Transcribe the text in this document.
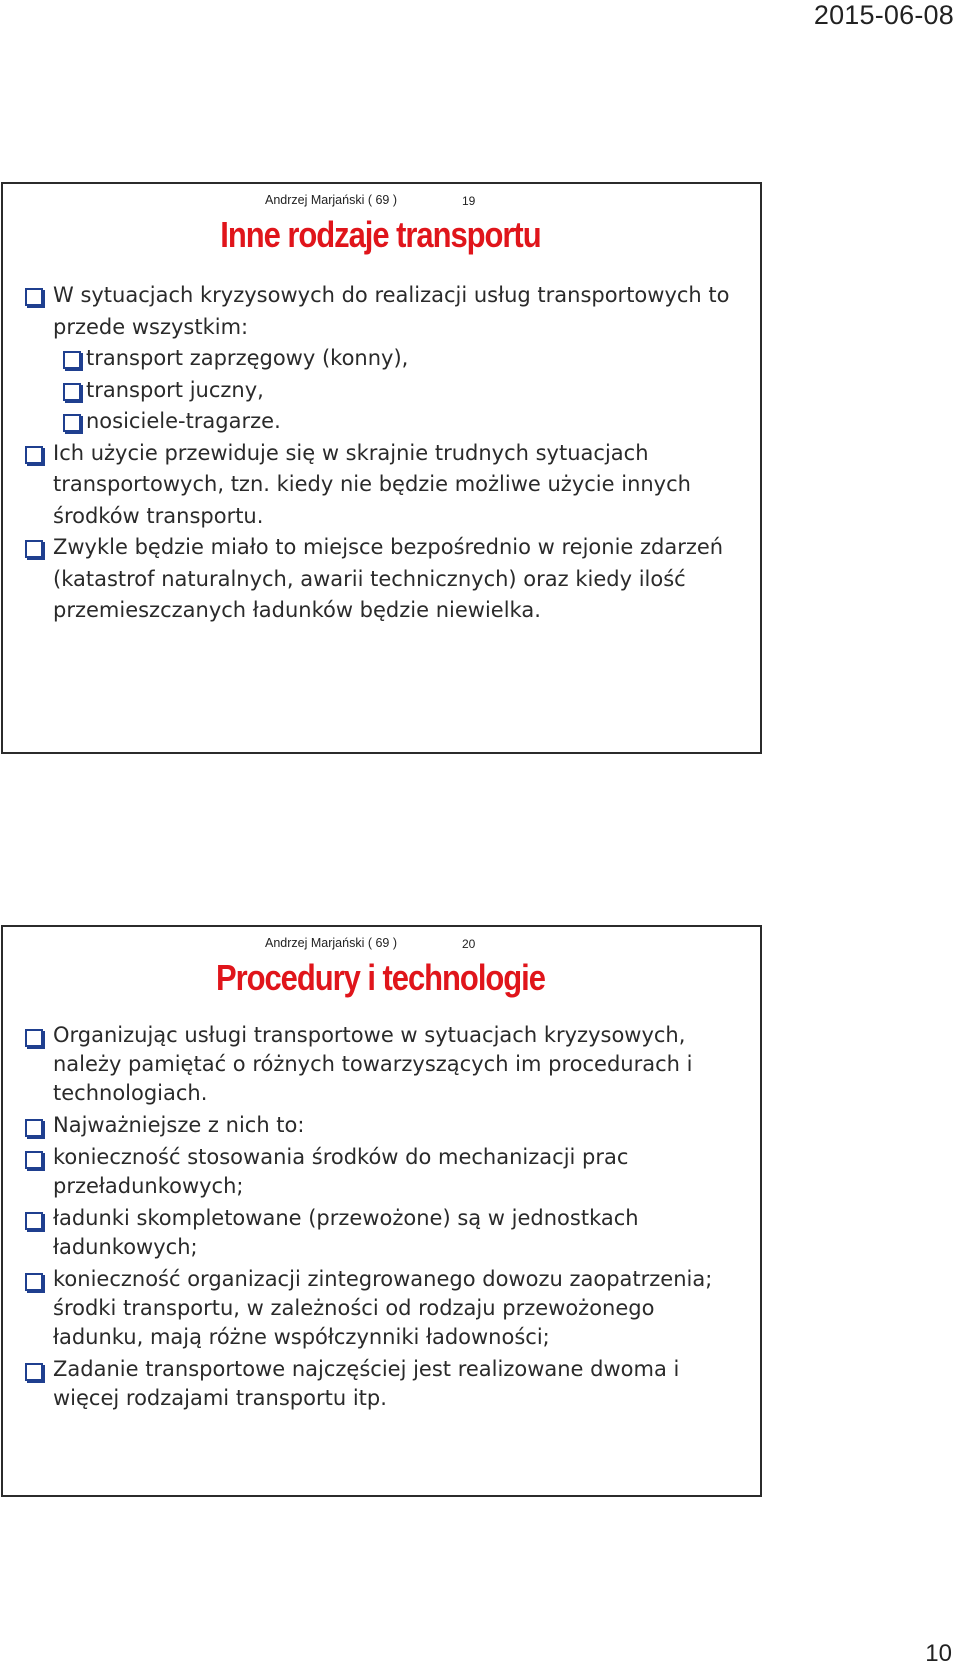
2015-06-08
Andrzej Marjański ( 69 )	19
Inne rodzaje transportu
W sytuacjach kryzysowych do realizacji usług transportowych to przede wszystkim:
transport zaprzęgowy (konny),
transport juczny,
nosiciele-tragarze.
Ich użycie przewiduje się w skrajnie trudnych sytuacjach transportowych, tzn. kiedy nie będzie możliwe użycie innych środków transportu.
Zwykle będzie miało to miejsce bezpośrednio w rejonie zdarzeń (katastrof naturalnych, awarii technicznych) oraz kiedy ilość przemieszczanych ładunków będzie niewielka.
Andrzej Marjański ( 69 )	20
Procedury i technologie
Organizując usługi transportowe w sytuacjach kryzysowych, należy pamiętać o różnych towarzyszących im procedurach i technologiach.
Najważniejsze z nich to:
konieczność stosowania środków do mechanizacji prac przeładunkowych;
ładunki skompletowane (przewożone) są w jednostkach ładunkowych;
konieczność organizacji zintegrowanego dowozu zaopatrzenia; środki transportu, w zależności od rodzaju przewożonego ładunku, mają różne współczynniki ładowności;
Zadanie transportowe najczęściej jest realizowane dwoma i więcej rodzajami transportu itp.
10
